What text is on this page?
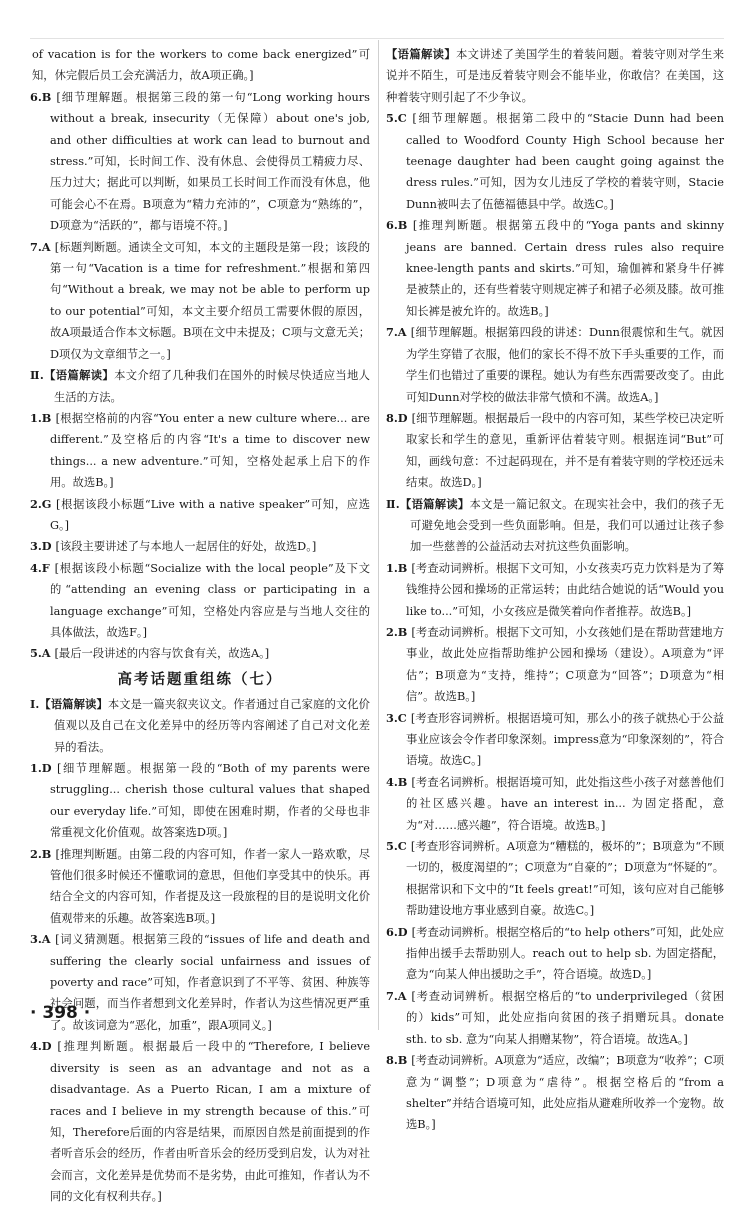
of vacation is for the workers to come back energized”可知，休完假后员工会充满活力，故A项正确。]

6.B [细节理解题。根据第三段的第一句“Long working hours without a break, insecurity（无保障）about one's job, and other difficulties at work can lead to burnout and stress.”可知，长时间工作、没有休息、会使得员工精疲力尽、压力过大；据此可以判断，如果员工长时间工作而没有休息，他可能会心不在焉。B项意为“精力充沛的”，C项意为“熟练的”，D项意为“活跃的”，都与语境不符。]

7.A [标题判断题。通读全文可知，本文的主题段是第一段；该段的第一句“Vacation is a time for refreshment.”根据和第四句“Without a break, we may not be able to perform up to our potential”可知，本文主要介绍员工需要休假的原因，故A项最适合作本文标题。B项在文中未提及；C项与文意无关；D项仅为文章细节之一。]

Ⅱ.【语篇解读】本文介绍了几种我们在国外的时候尽快适应当地人生活的方法。

1.B [根据空格前的内容“You enter a new culture where... are different.”及空格后的内容“It's a time to discover new things... a new adventure.”可知，空格处起承上启下的作用。故选B。]

2.G [根据该段小标题“Live with a native speaker”可知，应选G。]

3.D [该段主要讲述了与本地人一起居住的好处，故选D。]

4.F [根据该段小标题“Socialize with the local people”及下文的“attending an evening class or participating in a language exchange”可知，空格处内容应是与当地人交往的具体做法，故选F。]

5.A [最后一段讲述的内容与饮食有关，故选A。]

高考话题重组练（七）

Ⅰ.【语篇解读】本文是一篇夹叙夹议文。作者通过自己家庭的文化价值观以及自己在文化差异中的经历等内容阐述了自己对文化差异的看法。

1.D [细节理解题。根据第一段的“Both of my parents were struggling... cherish those cultural values that shaped our everyday life.”可知，即使在困难时期，作者的父母也非常重视文化价值观。故答案选D项。]

2.B [推理判断题。由第二段的内容可知，作者一家人一路欢歌，尽管他们很多时候还不懂歌词的意思，但他们享受其中的快乐。再结合全文的内容可知，作者提及这一段旅程的目的是说明文化价值观带来的乐趣。故答案选B项。]

3.A [词义猜测题。根据第三段的“issues of life and death and suffering the clearly social unfairness and issues of poverty and race”可知，作者意识到了不平等、贫困、种族等社会问题，而当作者想到文化差异时，作者认为这些情况更严重了。故该词意为“恶化，加重”，跟A项同义。]

4.D [推理判断题。根据最后一段中的“Therefore, I believe diversity is seen as an advantage and not as a disadvantage. As a Puerto Rican, I am a mixture of races and I believe in my strength because of this.”可知，Therefore后面的内容是结果，而原因自然是前面提到的作者听音乐会的经历，作者由听音乐会的经历受到启发，认为对社会而言，文化差异是优势而不是劣势，由此可推知，作者认为不同的文化有权利共存。]

【语篇解读】本文讲述了美国学生的着装问题。着装守则对学生来说并不陌生，可是违反着装守则会不能毕业，你敢信？在美国，这种着装守则引起了不少争议。

5.C [细节理解题。根据第二段中的“Stacie Dunn had been called to Woodford County High School because her teenage daughter had been caught going against the dress rules.”可知，因为女儿违反了学校的着装守则，Stacie Dunn被叫去了伍德福德县中学。故选C。]

6.B [推理判断题。根据第五段中的“Yoga pants and skinny jeans are banned. Certain dress rules also require knee-length pants and skirts.”可知，瑜伽裤和紧身牛仔裤是被禁止的，还有些着装守则规定裤子和裙子必须及膝。故可推知长裤是被允许的。故选B。]

7.A [细节理解题。根据第四段的讲述：Dunn很震惊和生气。就因为学生穿错了衣服，他们的家长不得不放下手头重要的工作，而学生们也错过了重要的课程。她认为有些东西需要改变了。由此可知Dunn对学校的做法非常气愤和不满。故选A。]

8.D [细节理解题。根据最后一段中的内容可知，某些学校已决定听取家长和学生的意见，重新评估着装守则。根据连词“But”可知，画线句意：不过起码现在，并不是有着装守则的学校还远未结束。故选D。]

Ⅱ.【语篇解读】本文是一篇记叙文。在现实社会中，我们的孩子无可避免地会受到一些负面影响。但是，我们可以通过让孩子参加一些慈善的公益活动去对抗这些负面影响。

1.B [考查动词辨析。根据下文可知，小女孩卖巧克力饮料是为了筹钱维持公园和操场的正常运转；由此结合她说的话“Would you like to...”可知，小女孩应是微笑着向作者推荐。故选B。]

2.B [考查动词辨析。根据下文可知，小女孩她们是在帮助营建地方事业，故此处应指帮助维护公园和操场（建设）。A项意为“评估”；B项意为“支持，维持”；C项意为“回答”；D项意为“相信”。故选B。]

3.C [考查形容词辨析。根据语境可知，那么小的孩子就热心于公益事业应该会令作者印象深刻。impress意为“印象深刻的”，符合语境。故选C。]

4.B [考查名词辨析。根据语境可知，此处指这些小孩子对慈善他们的社区感兴趣。have an interest in... 为固定搭配，意为“对……感兴趣”，符合语境。故选B。]

5.C [考查形容词辨析。A项意为“糟糕的，极坏的”；B项意为“不顾一切的，极度渴望的”；C项意为“自豪的”；D项意为“怀疑的”。根据常识和下文中的“It feels great!”可知，该句应对自己能够帮助建设地方事业感到自豪。故选C。]

6.D [考查动词辨析。根据空格后的“to help others”可知，此处应指伸出援手去帮助别人。reach out to help sb. 为固定搭配，意为“向某人伸出援助之手”，符合语境。故选D。]

7.A [考查动词辨析。根据空格后的“to underprivileged（贫困的）kids”可知，此处应指向贫困的孩子捐赠玩具。donate sth. to sb. 意为“向某人捐赠某物”，符合语境。故选A。]

8.B [考查动词辨析。A项意为“适应，改编”；B项意为“收养”；C项意为“调整”；D项意为“虐待”。根据空格后的“from a shelter”并结合语境可知，此处应指从避难所收养一个宠物。故选B。]

· 398 ·
